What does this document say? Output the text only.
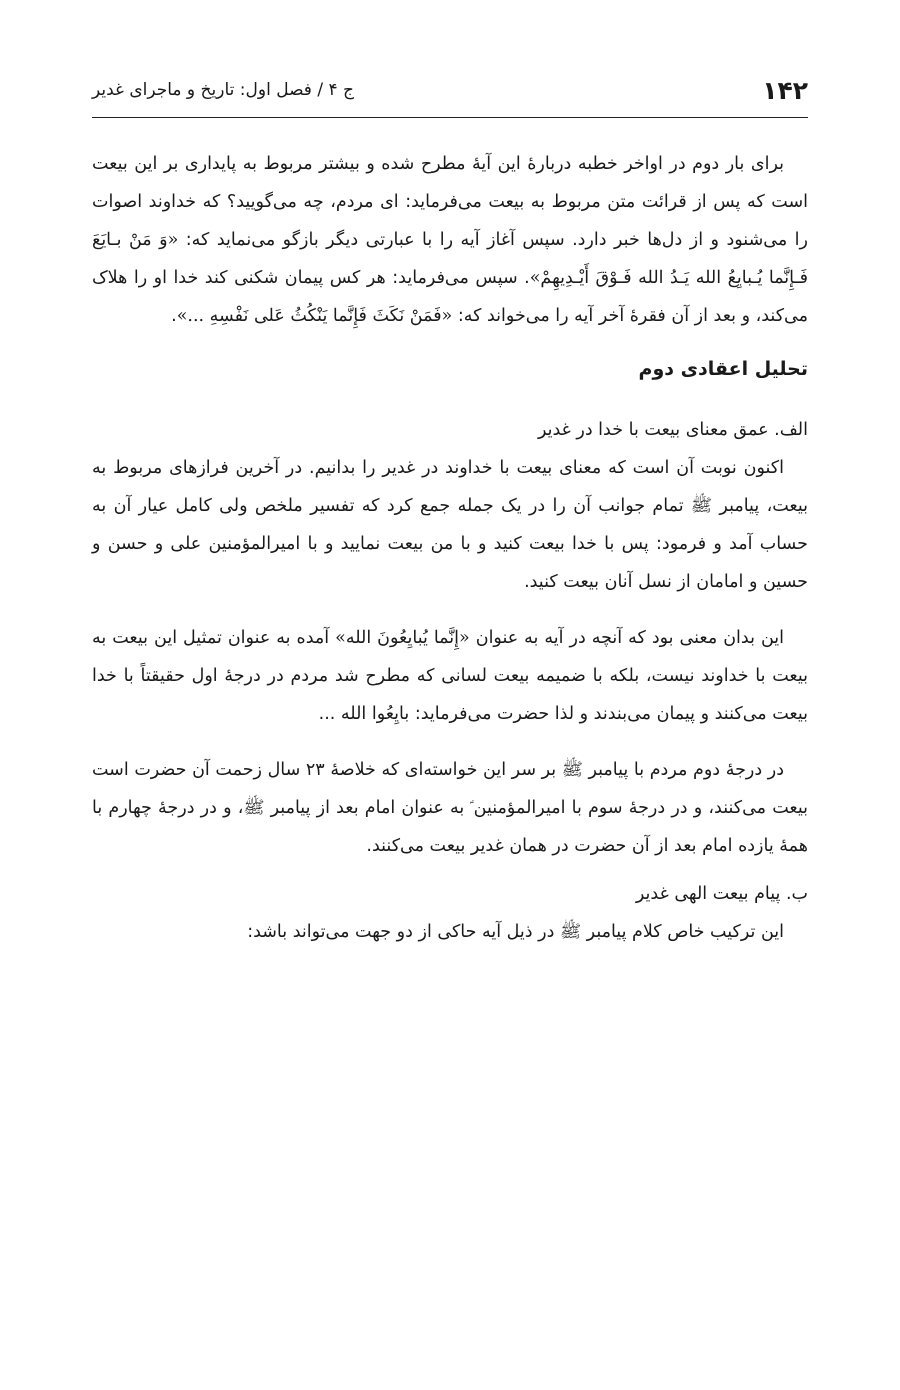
۱۴۲
ج ۴ / فصل اول: تاریخ و ماجرای غدیر

برای بار دوم در اواخر خطبه دربارۀ این آیۀ مطرح شده و بیشتر مربوط به پایداری بر این بیعت است که پس از قرائت متن مربوط به بیعت می‌فرماید: ای مردم، چه می‌گویید؟ که خداوند اصوات را می‌شنود و از دل‌ها خبر دارد. سپس آغاز آیه را با عبارتی دیگر بازگو می‌نماید که: «وَ مَنْ بـايَعَ فَـإِنَّما يُـبايِعُ الله يَـدُ الله فَـوْقَ أَيْـدِيهِمْ». سپس می‌فرماید: هر کس پیمان شکنی کند خدا او را هلاک می‌کند، و بعد از آن فقرۀ آخر آیه را می‌خواند که: «فَمَنْ نَكَثَ فَإِنَّما يَنْكُثُ عَلى نَفْسِهِ ...».

تحلیل اعقادی دوم

الف. عمق معنای بیعت با خدا در غدیر

اکنون نوبت آن است که معنای بیعت با خداوند در غدیر را بدانیم. در آخرین فرازهای مربوط به بیعت، پیامبر ﷺ تمام جوانب آن را در یک جمله جمع کرد که تفسیر ملخص ولی کامل عیار آن به حساب آمد و فرمود: پس با خدا بیعت کنید و با من بیعت نمایید و با امیرالمؤمنین علی و حسن و حسین و امامان از نسل آنان بیعت کنید.

این بدان معنی بود که آنچه در آیه به عنوان «إِنَّما يُبايِعُونَ الله» آمده به عنوان تمثیل این بیعت به بیعت با خداوند نیست، بلکه با ضمیمه بیعت لسانی که مطرح شد مردم در درجۀ اول حقیقتاً با خدا بیعت می‌کنند و پیمان می‌بندند و لذا حضرت می‌فرماید: بايِعُوا الله ...

در درجۀ دوم مردم با پیامبر ﷺ بر سر این خواسته‌ای که خلاصۀ ۲۳ سال زحمت آن حضرت است بیعت می‌کنند، و در درجۀ سوم با امیرالمؤمنین ؑ به عنوان امام بعد از پیامبر ﷺ، و در درجۀ چهارم با همۀ یازده امام بعد از آن حضرت در همان غدیر بیعت می‌کنند.

ب. پیام بیعت الهی غدیر

این ترکیب خاص کلام پیامبر ﷺ در ذیل آیه حاکی از دو جهت می‌تواند باشد:
